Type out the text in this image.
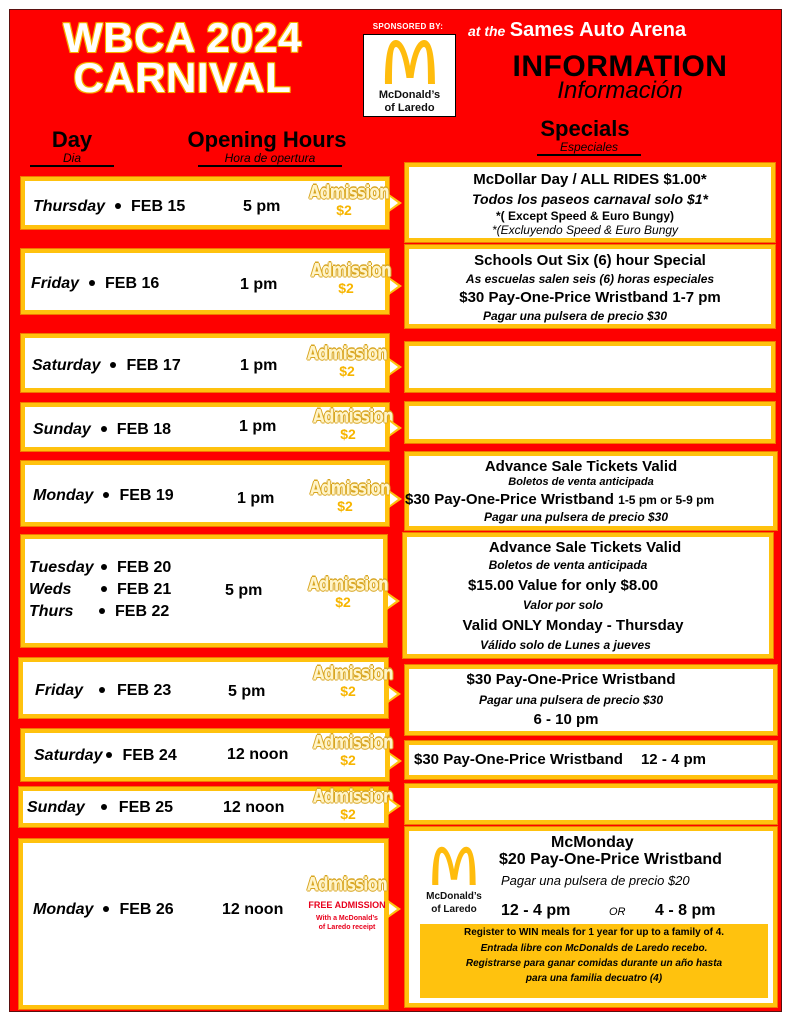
WBCA 2024
CARNIVAL
SPONSORED BY:
McDonald’s
of Laredo
at the Sames Auto Arena
INFORMATION
Información
Day
Dia
Opening Hours
Hora de opertura
Specials
Especiales
Thursday FEB 15	5 pm
Admission
$2
McDollar Day / ALL RIDES $1.00*
Todos los paseos carnaval solo $1*
*( Except Speed & Euro Bungy)
*(Excluyendo Speed & Euro Bungy
Friday FEB 16	1 pm
Admission
$2
Schools Out Six (6) hour Special
As escuelas salen seis (6) horas especiales
$30 Pay-One-Price Wristband 1-7 pm
Pagar una pulsera de precio $30
Saturday FEB 17	1 pm
Admission
$2
Sunday FEB 18	1 pm Admission
$2
Monday FEB 19	1 pm Admission
$2
Advance Sale Tickets Valid
Boletos de venta anticipada
$30 Pay-One-Price Wristband 1-5 pm or 5-9 pm
Pagar una pulsera de precio $30
Tuesday FEB 20
Weds	FEB 21
Thurs	FEB 22
5 pm	Admission
$2
Advance Sale Tickets Valid
Boletos de venta anticipada
$15.00 Value for only $8.00
Valor por solo
Valid ONLY Monday - Thursday
Válido solo de Lunes a jueves
Friday FEB 23	5 pm
Admission
$2
$30 Pay-One-Price Wristband
Pagar una pulsera de precio $30
6 - 10 pm
Saturday FEB 24	12 noon
Admission
$2	$30 Pay-One-Price Wristband 12 - 4 pm
Sunday FEB 25	12 noon
Admission
$2
Monday FEB 26	12 noon
Admission
FREE ADMISSION
With a McDonald’s
of Laredo receipt
McDonald’s
of Laredo
McMonday
$20 Pay-One-Price Wristband
Pagar una pulsera de precio $20
12 - 4 pm	OR 4 - 8 pm
Register to WIN meals for 1 year for up to a family of 4.
Entrada libre con McDonalds de Laredo recebo.
Registrarse para ganar comidas durante un año hasta
para una familia decuatro (4)
